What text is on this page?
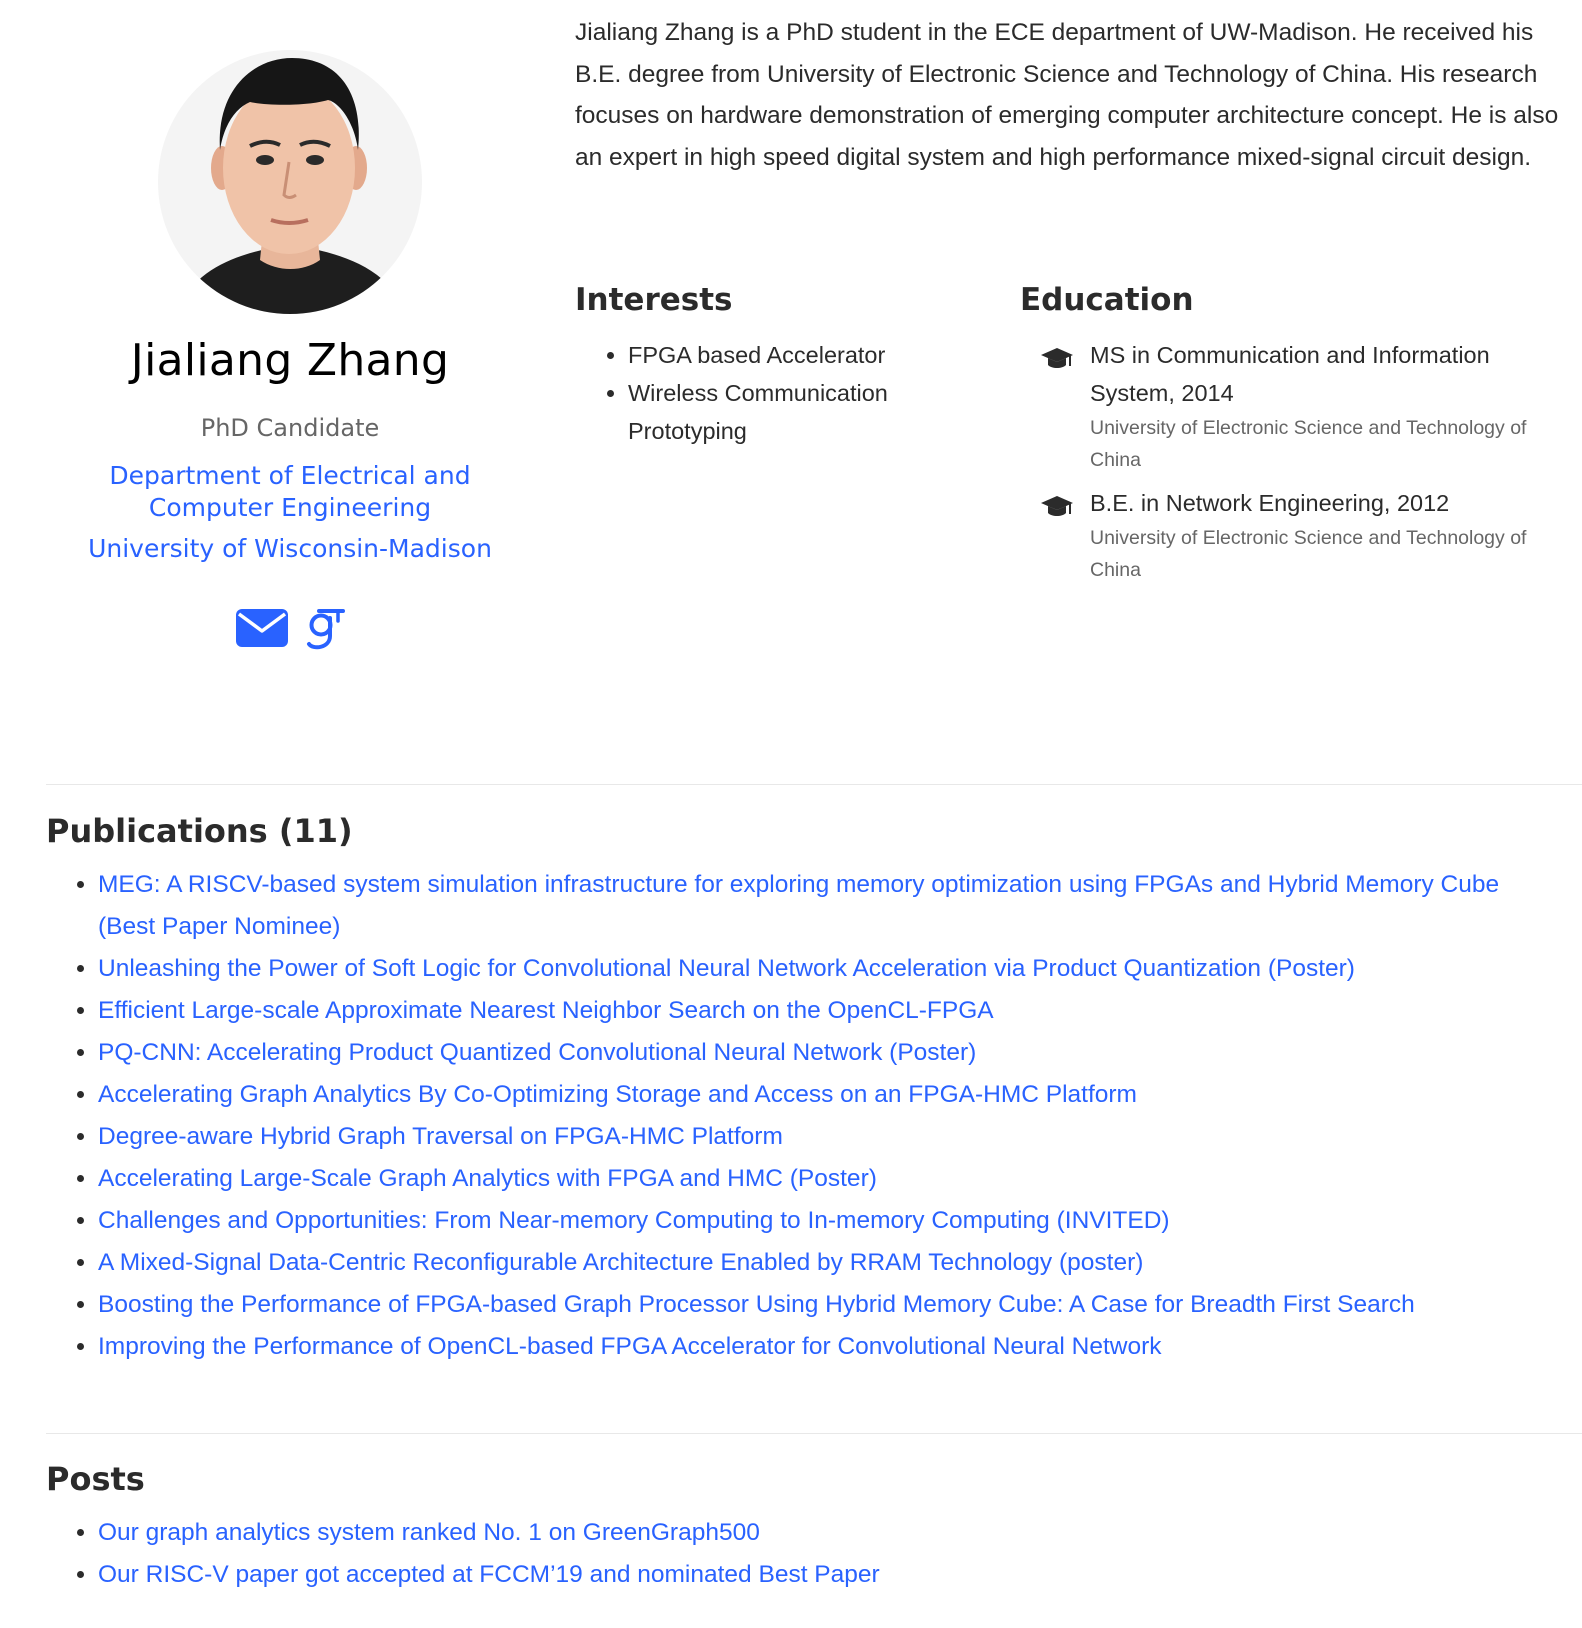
Jialiang Zhang
PhD Candidate
Department of Electrical and Computer Engineering
University of Wisconsin-Madison

Jialiang Zhang is a PhD student in the ECE department of UW-Madison. He received his B.E. degree from University of Electronic Science and Technology of China. His research focuses on hardware demonstration of emerging computer architecture concept. He is also an expert in high speed digital system and high performance mixed-signal circuit design.

Interests
• FPGA based Accelerator
• Wireless Communication Prototyping
Education
MS in Communication and Information System, 2014
University of Electronic Science and Technology of China
B.E. in Network Engineering, 2012
University of Electronic Science and Technology of China
Publications (11)
• MEG: A RISCV-based system simulation infrastructure for exploring memory optimization using FPGAs and Hybrid Memory Cube (Best Paper Nominee)
• Unleashing the Power of Soft Logic for Convolutional Neural Network Acceleration via Product Quantization (Poster)
• Efficient Large-scale Approximate Nearest Neighbor Search on the OpenCL-FPGA
• PQ-CNN: Accelerating Product Quantized Convolutional Neural Network (Poster)
• Accelerating Graph Analytics By Co-Optimizing Storage and Access on an FPGA-HMC Platform
• Degree-aware Hybrid Graph Traversal on FPGA-HMC Platform
• Accelerating Large-Scale Graph Analytics with FPGA and HMC (Poster)
• Challenges and Opportunities: From Near-memory Computing to In-memory Computing (INVITED)
• A Mixed-Signal Data-Centric Reconfigurable Architecture Enabled by RRAM Technology (poster)
• Boosting the Performance of FPGA-based Graph Processor Using Hybrid Memory Cube: A Case for Breadth First Search
• Improving the Performance of OpenCL-based FPGA Accelerator for Convolutional Neural Network
Posts
• Our graph analytics system ranked No. 1 on GreenGraph500
• Our RISC-V paper got accepted at FCCM’19 and nominated Best Paper
